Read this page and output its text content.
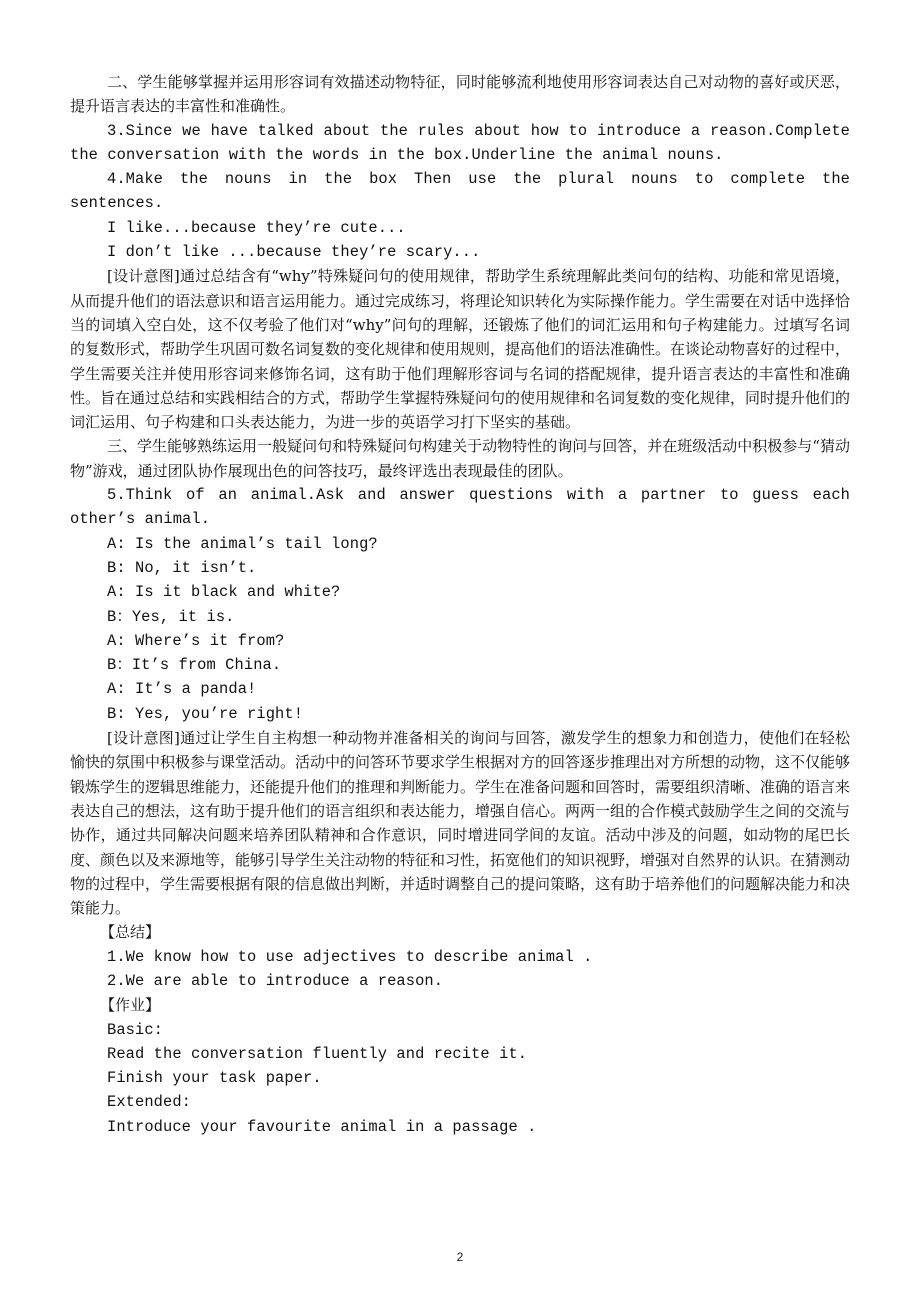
二、学生能够掌握并运用形容词有效描述动物特征，同时能够流利地使用形容词表达自己对动物的喜好或厌恶，提升语言表达的丰富性和准确性。

3.Since we have talked about the rules about how to introduce a reason.Complete the conversation with the words in the box.Underline the animal nouns.

4.Make the nouns in the box Then use the plural nouns to complete the sentences.

I like...because they’re cute...

I don’t like ...because they’re scary...

[设计意图]通过总结含有“why”特殊疑问句的使用规律，帮助学生系统理解此类问句的结构、功能和常见语境，从而提升他们的语法意识和语言运用能力。通过完成练习，将理论知识转化为实际操作能力。学生需要在对话中选择恰当的词填入空白处，这不仅考验了他们对“why”问句的理解，还锻炼了他们的词汇运用和句子构建能力。过填写名词的复数形式，帮助学生巩固可数名词复数的变化规律和使用规则，提高他们的语法准确性。在谈论动物喜好的过程中，学生需要关注并使用形容词来修饰名词，这有助于他们理解形容词与名词的搭配规律，提升语言表达的丰富性和准确性。旨在通过总结和实践相结合的方式，帮助学生掌握特殊疑问句的使用规律和名词复数的变化规律，同时提升他们的词汇运用、句子构建和口头表达能力，为进一步的英语学习打下坚实的基础。

三、学生能够熟练运用一般疑问句和特殊疑问句构建关于动物特性的询问与回答，并在班级活动中积极参与“猜动物”游戏，通过团队协作展现出色的问答技巧，最终评选出表现最佳的团队。

5.Think of an animal.Ask and answer questions with a partner to guess each other’s animal.

A: Is the animal’s tail long?

B: No, it isn’t.

A: Is it black and white?

B：Yes, it is.

A: Where’s it from?

B：It’s from China.

A: It’s a panda!

B: Yes, you’re right!

[设计意图]通过让学生自主构想一种动物并准备相关的询问与回答，激发学生的想象力和创造力，使他们在轻松愉快的氛围中积极参与课堂活动。活动中的问答环节要求学生根据对方的回答逐步推理出对方所想的动物，这不仅能够锻炼学生的逻辑思维能力，还能提升他们的推理和判断能力。学生在准备问题和回答时，需要组织清晰、准确的语言来表达自己的想法，这有助于提升他们的语言组织和表达能力，增强自信心。两两一组的合作模式鼓励学生之间的交流与协作，通过共同解决问题来培养团队精神和合作意识，同时增进同学间的友谊。活动中涉及的问题，如动物的尾巴长度、颜色以及来源地等，能够引导学生关注动物的特征和习性，拓宽他们的知识视野，增强对自然界的认识。在猜测动物的过程中，学生需要根据有限的信息做出判断，并适时调整自己的提问策略，这有助于培养他们的问题解决能力和决策能力。

【总结】

1.We know how to use adjectives to describe animal .

2.We are able to introduce a reason.

【作业】

Basic:

Read the conversation fluently and recite it.

Finish your task paper.

Extended:

Introduce your favourite animal in a passage .

2
